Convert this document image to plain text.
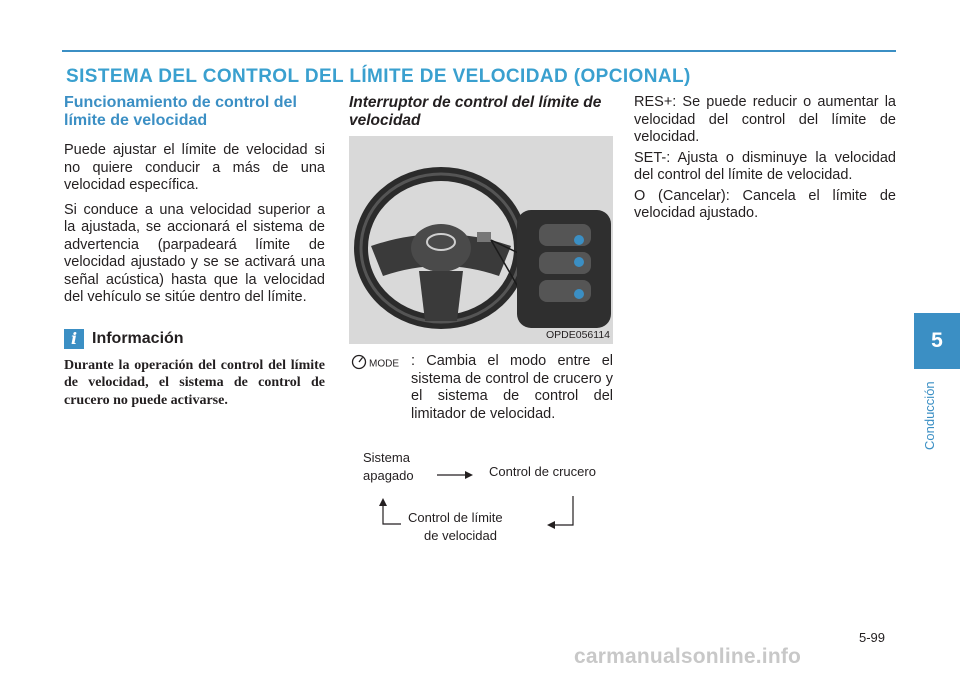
SISTEMA DEL CONTROL DEL LÍMITE DE VELOCIDAD (OPCIONAL)

Funcionamiento de control del límite de velocidad

Puede ajustar el límite de velocidad si no quiere conducir a más de una velocidad específica.

Si conduce a una velocidad superior a la ajustada, se accionará el sistema de advertencia (parpadeará límite de velocidad ajustado y se se activará una señal acústica) hasta que la velocidad del vehículo se sitúe dentro del límite.

i Información

Durante la operación del control del límite de velocidad, el sistema de control de crucero no puede activarse.

Interruptor de control del límite de velocidad

OPDE056114
MODE : Cambia el modo entre el sistema de control de crucero y el sistema de control del limitador de velocidad.
Sistema
apagado	Control de crucero
Control de límite
de velocidad
RES+: Se puede reducir o aumentar la velocidad del control del límite de velocidad.
SET-: Ajusta o disminuye la velocidad del control del límite de velocidad.
O (Cancelar): Cancela el límite de velocidad ajustado.
5
Conducción
5-99
carmanualsonline.info
